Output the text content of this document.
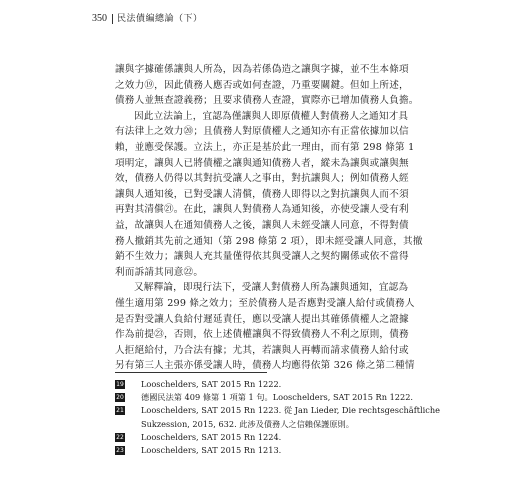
350 民法債編總論（下）
讓與字據確係讓與人所為，因為若係偽造之讓與字據，並不生本條項
之效力⑲，因此債務人應否或如何查證，乃重要關鍵。但如上所述，
債務人並無查證義務；且要求債務人查證，實際亦已增加債務人負擔。
因此立法論上，宜認為僅讓與人即原債權人對債務人之通知才具
有法律上之效力⑳；且債務人對原債權人之通知亦有正當依據加以信
賴，並應受保護。立法上，亦正是基於此一理由，而有第 298 條第 1
項明定，讓與人已將債權之讓與通知債務人者，縱未為讓與或讓與無
效，債務人仍得以其對抗受讓人之事由，對抗讓與人；例如債務人經
讓與人通知後，已對受讓人清償，債務人即得以之對抗讓與人而不須
再對其清償㉑。在此，讓與人對債務人為通知後，亦使受讓人受有利
益，故讓與人在通知債務人之後，讓與人未經受讓人同意，不得對債
務人撤銷其先前之通知（第 298 條第 2 項），即未經受讓人同意，其撤
銷不生效力；讓與人充其量僅得依其與受讓人之契約關係或依不當得
利而訴請其同意㉒。
又解釋論，即現行法下，受讓人對債務人所為讓與通知，宜認為
僅生適用第 299 條之效力；至於債務人是否應對受讓人給付或債務人
是否對受讓人負給付遲延責任，應以受讓人提出其確係債權人之證據
作為前提㉓，否則，依上述債權讓與不得致債務人不利之原則，債務
人拒絕給付，乃合法有據；尤其，若讓與人再轉而請求債務人給付或
另有第三人主張亦係受讓人時，債務人均應得依第 326 條之第二種情
19 Looschelders, SAT 2015 Rn 1222.
20 德國民法第 409 條第 1 項第 1 句。Looschelders, SAT 2015 Rn 1222.
21 Looschelders, SAT 2015 Rn 1223. 從 Jan Lieder, Die rechtsgeschäftliche
Sukzession, 2015, 632. 此涉及債務人之信賴保護原則。
22 Looschelders, SAT 2015 Rn 1224.
23 Looschelders, SAT 2015 Rn 1213.
